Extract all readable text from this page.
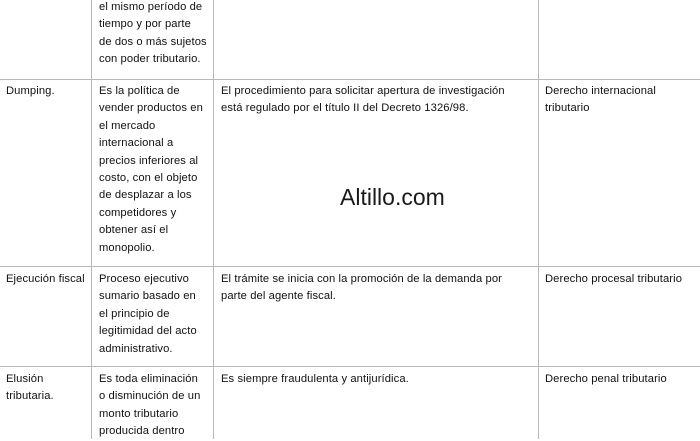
el mismo período de
tiempo y por parte
de dos o más sujetos
con poder tributario.
Dumping.	Es la política de
vender productos en
el mercado
internacional a
precios inferiores al
costo, con el objeto
de desplazar a los
competidores y
obtener así el
monopolio.
El procedimiento para solicitar apertura de investigación
está regulado por el título II del Decreto 1326/98.
Derecho internacional
tributario
Ejecución fiscal Proceso ejecutivo
sumario basado en
el principio de
legitimidad del acto
administrativo.
El trámite se inicia con la promoción de la demanda por
parte del agente fiscal.
Derecho procesal tributario
Elusión
tributaria.
Es toda eliminación
o disminución de un
monto tributario
producida dentro
Es siempre fraudulenta y antijurídica.	Derecho penal tributario
Altillo.com
